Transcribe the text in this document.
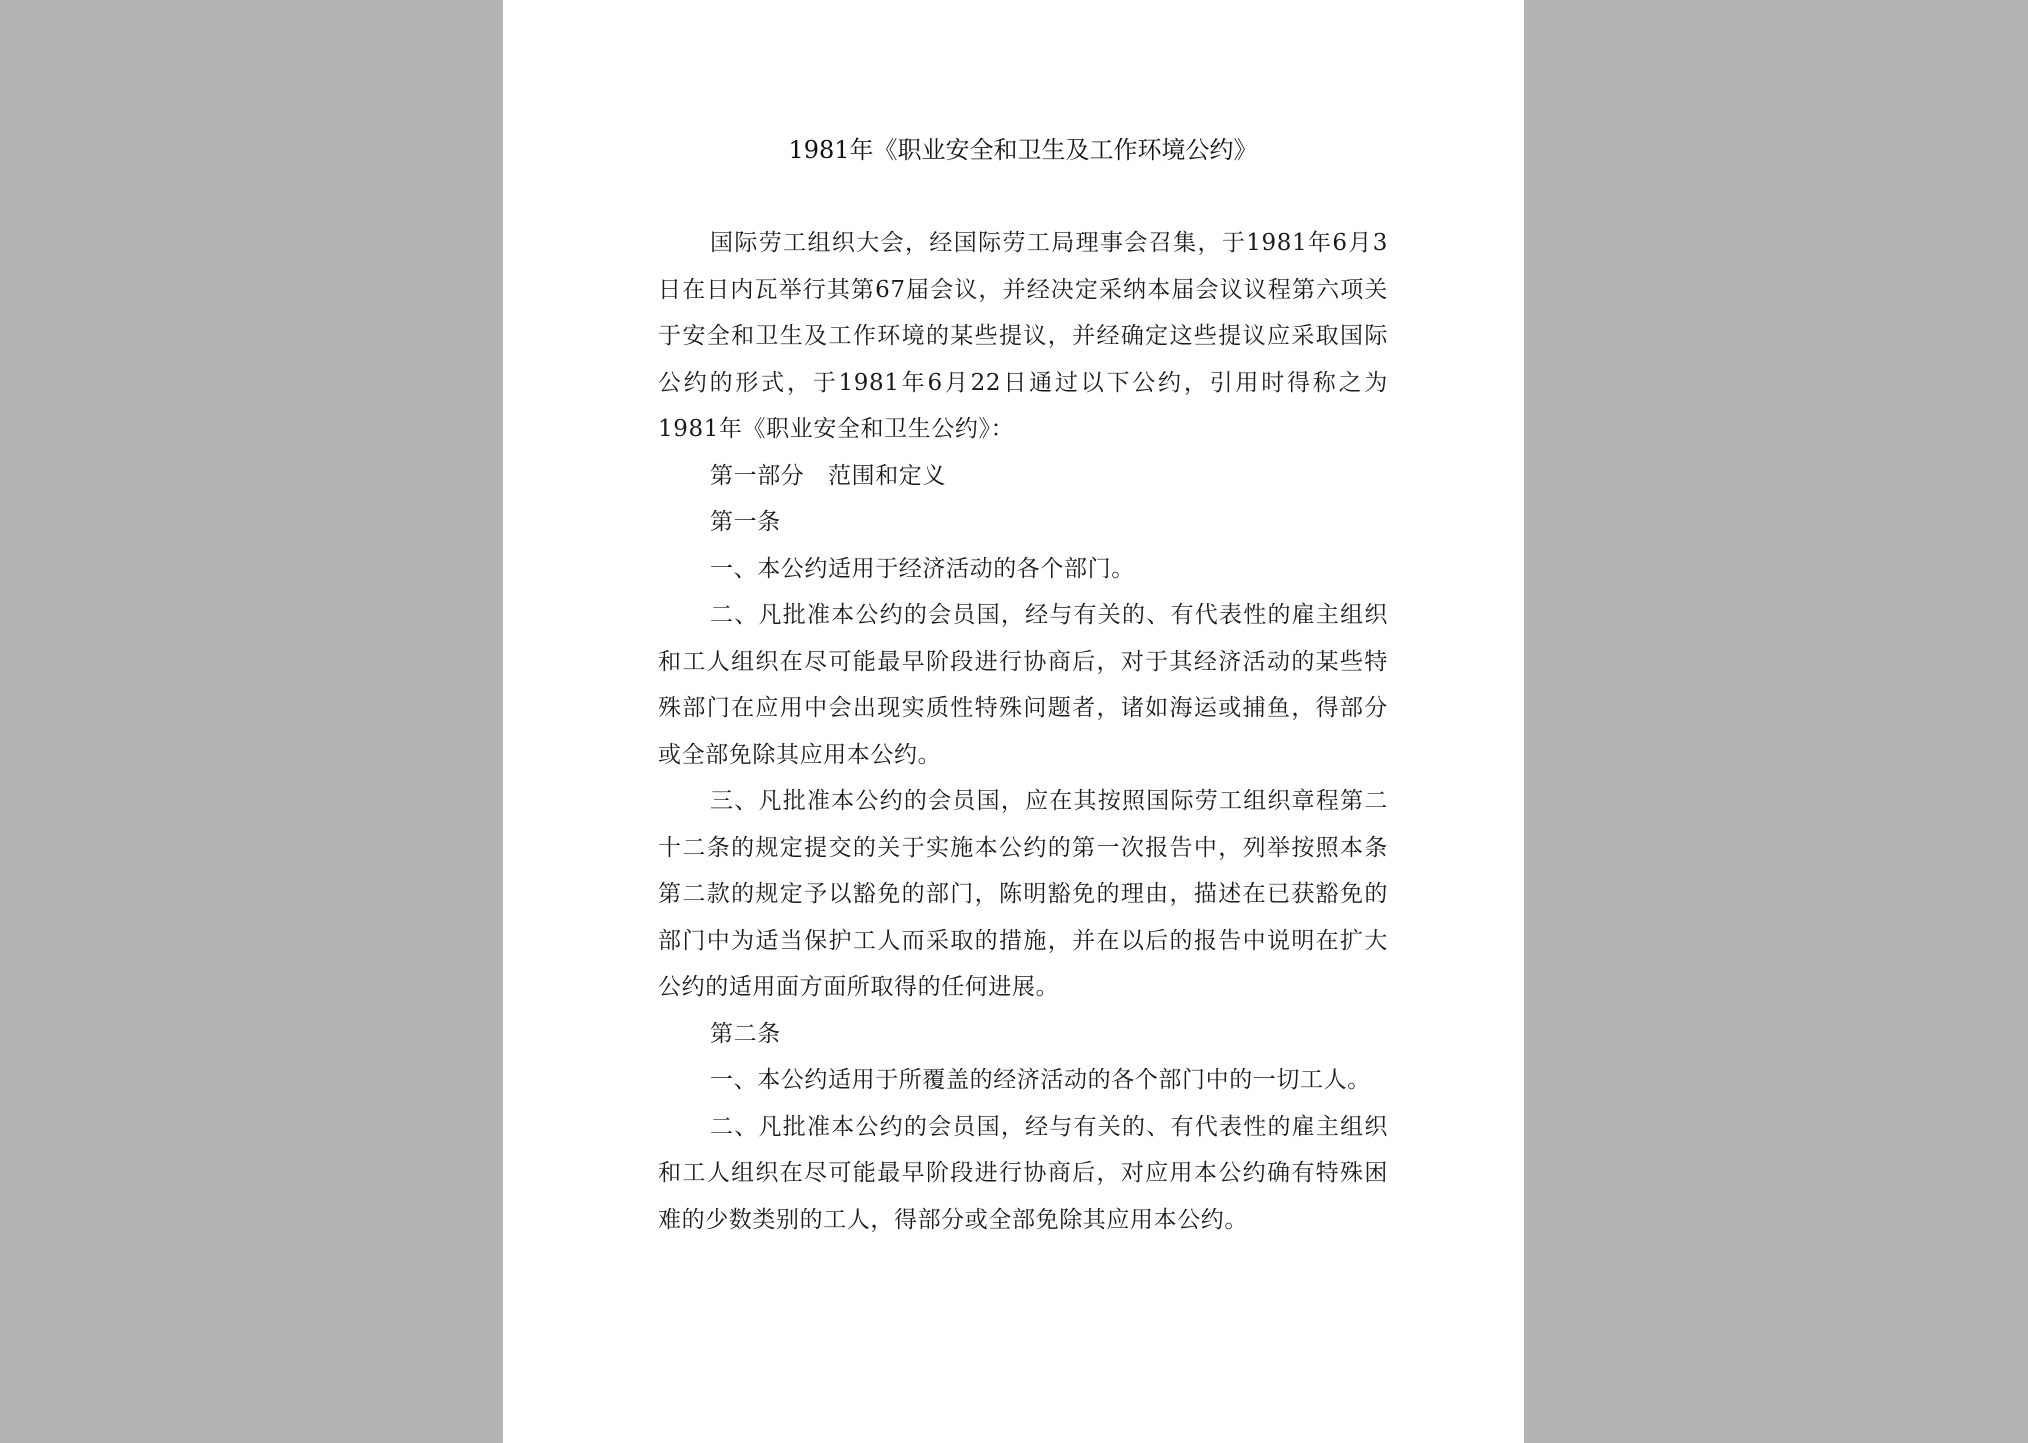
1981年《职业安全和卫生及工作环境公约》

国际劳工组织大会，经国际劳工局理事会召集，于1981年6月3日在日内瓦举行其第67届会议，并经决定采纳本届会议议程第六项关于安全和卫生及工作环境的某些提议，并经确定这些提议应采取国际公约的形式，于1981年6月22日通过以下公约，引用时得称之为1981年《职业安全和卫生公约》：

第一部分　范围和定义

第一条

一、本公约适用于经济活动的各个部门。

二、凡批准本公约的会员国，经与有关的、有代表性的雇主组织和工人组织在尽可能最早阶段进行协商后，对于其经济活动的某些特殊部门在应用中会出现实质性特殊问题者，诸如海运或捕鱼，得部分或全部免除其应用本公约。

三、凡批准本公约的会员国，应在其按照国际劳工组织章程第二十二条的规定提交的关于实施本公约的第一次报告中，列举按照本条第二款的规定予以豁免的部门，陈明豁免的理由，描述在已获豁免的部门中为适当保护工人而采取的措施，并在以后的报告中说明在扩大公约的适用面方面所取得的任何进展。

第二条

一、本公约适用于所覆盖的经济活动的各个部门中的一切工人。

二、凡批准本公约的会员国，经与有关的、有代表性的雇主组织和工人组织在尽可能最早阶段进行协商后，对应用本公约确有特殊困难的少数类别的工人，得部分或全部免除其应用本公约。
